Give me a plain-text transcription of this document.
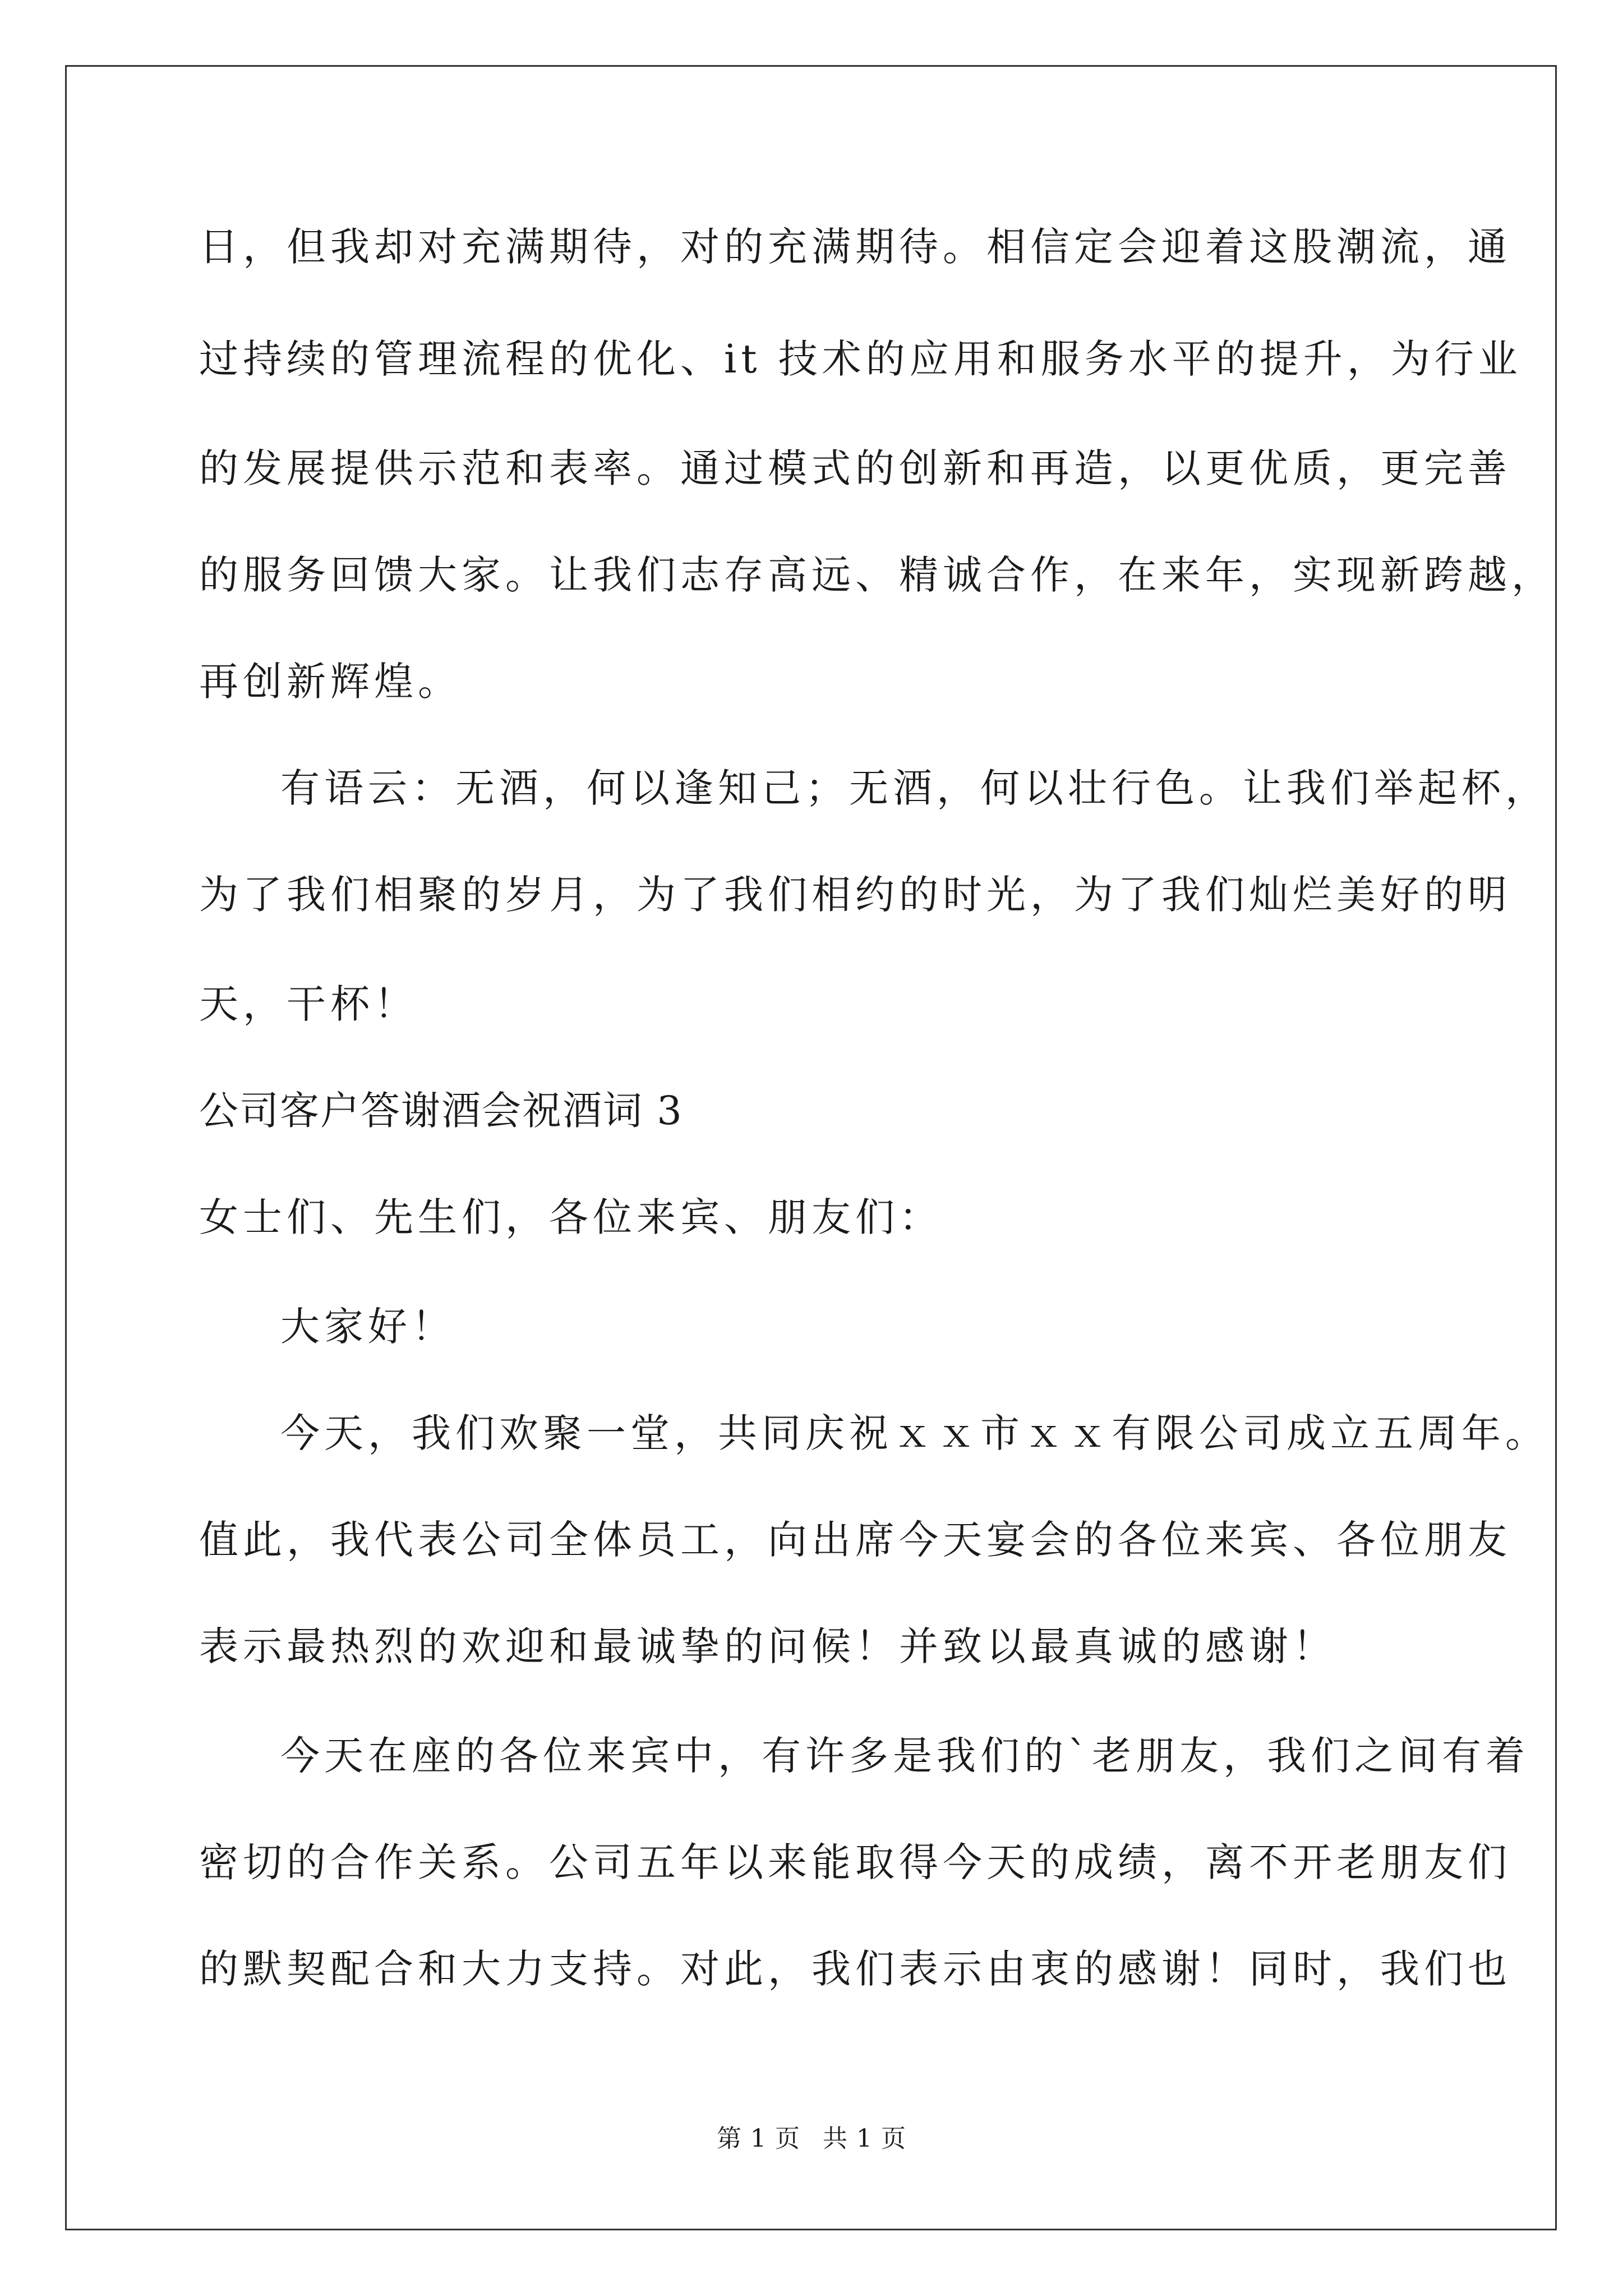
日，但我却对充满期待，对的充满期待。相信定会迎着这股潮流，通
过持续的管理流程的优化、it 技术的应用和服务水平的提升，为行业
的发展提供示范和表率。通过模式的创新和再造，以更优质，更完善
的服务回馈大家。让我们志存高远、精诚合作，在来年，实现新跨越，
再创新辉煌。
有语云：无酒，何以逢知己；无酒，何以壮行色。让我们举起杯，
为了我们相聚的岁月，为了我们相约的时光，为了我们灿烂美好的明
天，干杯！
公司客户答谢酒会祝酒词 3
女士们、先生们，各位来宾、朋友们：
大家好！
今天，我们欢聚一堂，共同庆祝ｘｘ市ｘｘ有限公司成立五周年。
值此，我代表公司全体员工，向出席今天宴会的各位来宾、各位朋友
表示最热烈的欢迎和最诚挚的问候！并致以最真诚的感谢！
今天在座的各位来宾中，有许多是我们的`老朋友，我们之间有着
密切的合作关系。公司五年以来能取得今天的成绩，离不开老朋友们
的默契配合和大力支持。对此，我们表示由衷的感谢！同时，我们也
第 1 页 共 1 页
